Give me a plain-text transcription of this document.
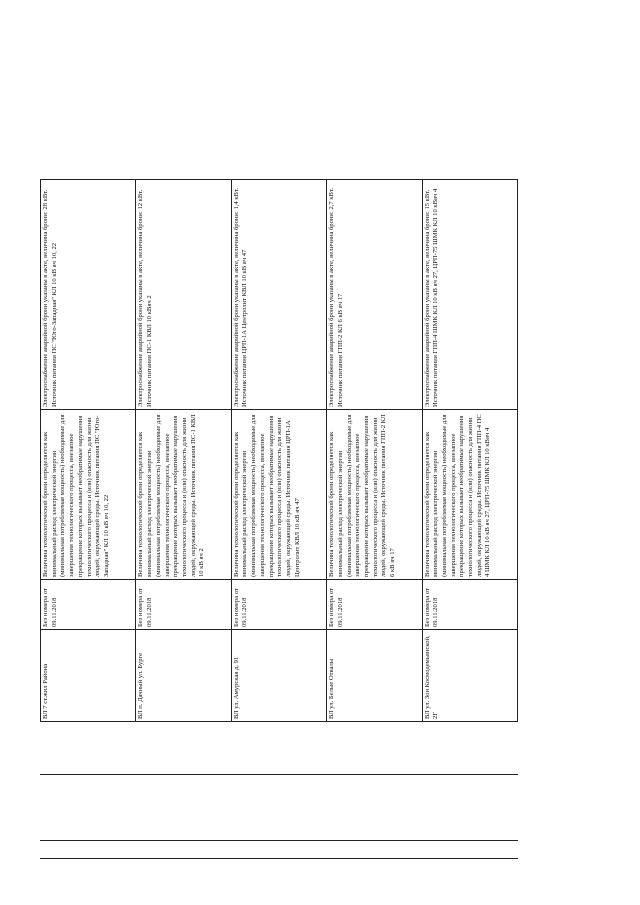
ВЛ 7 ст.жил Района	Без номера от 09.11.2018	Величина технологической брони определяется как минимальный расход электрической энергии (минимальная потребляемая мощность) необходимые для завершения технологического процесса, внезапное прекращение которых вызывает необратимые нарушения технологического процесса и (или) опасность для жизни людей, окружающей среды. Источник питания ПС "Юго-Западная" КЛ 10 кВ яч 10, 22	Электроснабжение аварийной брони указаны в акте, величина брони: 28 кВт. Источник питания ПС "Юго-Западная" КЛ 10 кВ яч 10, 22
ВЛ п. Дачный ул. Бурге	Без номера от 09.11.2018	Величина технологической брони определяется как минимальный расход электрической энергии (минимальная потребляемая мощность) необходимые для завершения технологического процесса, внезапное прекращение которых вызывает необратимые нарушения технологического процесса и (или) опасность для жизни людей, окружающей среды. Источник питания ПС-1 КВЛ 10 кВ яч 2	Электроснабжение аварийной брони указаны в акте, величина брони: 12 кВт. Источник питания ПС-1 КВЛ 10 кВяч 2
ВЛ ул. Амурская д. 91	Без номера от 09.11.2018	Величина технологической брони определяется как минимальный расход электрической энергии (минимальная потребляемая мощность) необходимые для завершения технологического процесса, внезапное прекращение которых вызывает необратимые нарушения технологического процесса и (или) опасность для жизни людей, окружающей среды. Источник питания ЦРП-1А Центролит КВЛ 10 кВ яч 47	Электроснабжение аварийной брони указаны в акте, величина брони: 1,4 кВт. Источник питания ЦРП-1А Центролит КВЛ 10 кВ яч 47
ВЛ ул. Белые Отвалы	Без номера от 09.11.2018	Величина технологической брони определяется как минимальный расход электрической энергии (минимальная потребляемая мощность) необходимые для завершения технологического процесса, внезапное прекращение которых вызывает необратимые нарушения технологического процесса и (или) опасность для жизни людей, окружающей среды. Источник питания ГПП-2 КЛ 6 кВ яч 17	Электроснабжение аварийной брони указаны в акте, величина брони: 2,7 кВт. Источник питания ГПП-2 КЛ 6 кВ яч 17
ВЛ ул. Зои Космодемьянской, 2Г	Без номера от 09.11.2018	Величина технологической брони определяется как минимальный расход электрической энергии (минимальная потребляемая мощность) необходимые для завершения технологического процесса, внезапное прекращение которых вызывает необратимые нарушения технологического процесса и (или) опасность для жизни людей, окружающей среды. Источник питания ГПП-4 ПС 4 ШМК КЛ 10 кВ яч 27, ЦРП-75 ШМК КЛ 10 кВяч 4	Электроснабжение аварийной брони указаны в акте, величина брони: 15 кВт. Источник питания ГПП-4 ШМК КЛ 10 кВ яч 27, ЦРП-75 ШМК КЛ 10 кВяч 4
